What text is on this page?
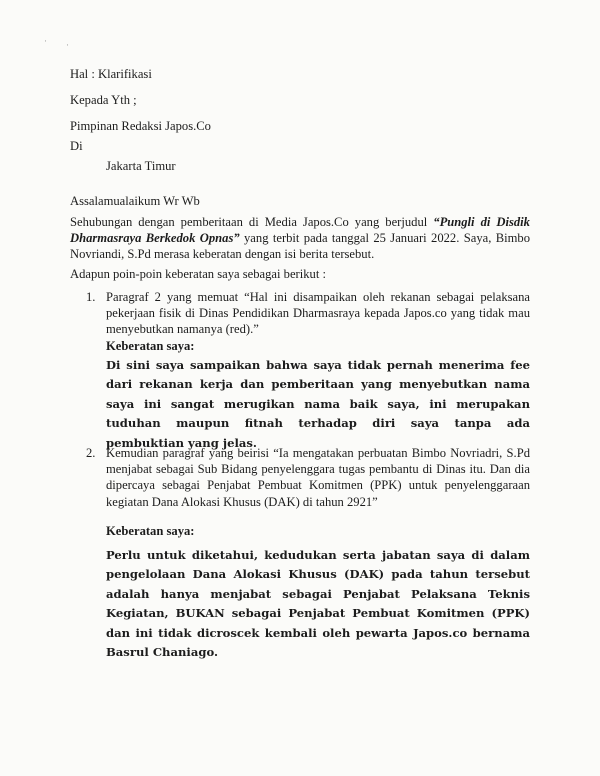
· ·
Hal : Klarifikasi
Kepada Yth ;
Pimpinan Redaksi Japos.Co
Di
Jakarta Timur
Assalamualaikum Wr Wb
Sehubungan dengan pemberitaan di Media Japos.Co yang berjudul “Pungli di Disdik Dharmasraya Berkedok Opnas” yang terbit pada tanggal 25 Januari 2022. Saya, Bimbo Novriandi, S.Pd merasa keberatan dengan isi berita tersebut.
Adapun poin-poin keberatan saya sebagai berikut :
1. Paragraf 2 yang memuat “Hal ini disampaikan oleh rekanan sebagai pelaksana pekerjaan fisik di Dinas Pendidikan Dharmasraya kepada Japos.co yang tidak mau menyebutkan namanya (red).”
Keberatan saya:
Di sini saya sampaikan bahwa saya tidak pernah menerima fee dari rekanan kerja dan pemberitaan yang menyebutkan nama saya ini sangat merugikan nama baik saya, ini merupakan tuduhan maupun fitnah terhadap diri saya tanpa ada pembuktian yang jelas.
2. Kemudian paragraf yang beirisi “Ia mengatakan perbuatan Bimbo Novriadri, S.Pd menjabat sebagai Sub Bidang penyelenggara tugas pembantu di Dinas itu. Dan dia dipercaya sebagai Penjabat Pembuat Komitmen (PPK) untuk penyelenggaraan kegiatan Dana Alokasi Khusus (DAK) di tahun 2921”
Keberatan saya:
Perlu untuk diketahui, kedudukan serta jabatan saya di dalam pengelolaan Dana Alokasi Khusus (DAK) pada tahun tersebut adalah hanya menjabat sebagai Penjabat Pelaksana Teknis Kegiatan, BUKAN sebagai Penjabat Pembuat Komitmen (PPK) dan ini tidak dicroscek kembali oleh pewarta Japos.co bernama Basrul Chaniago.
